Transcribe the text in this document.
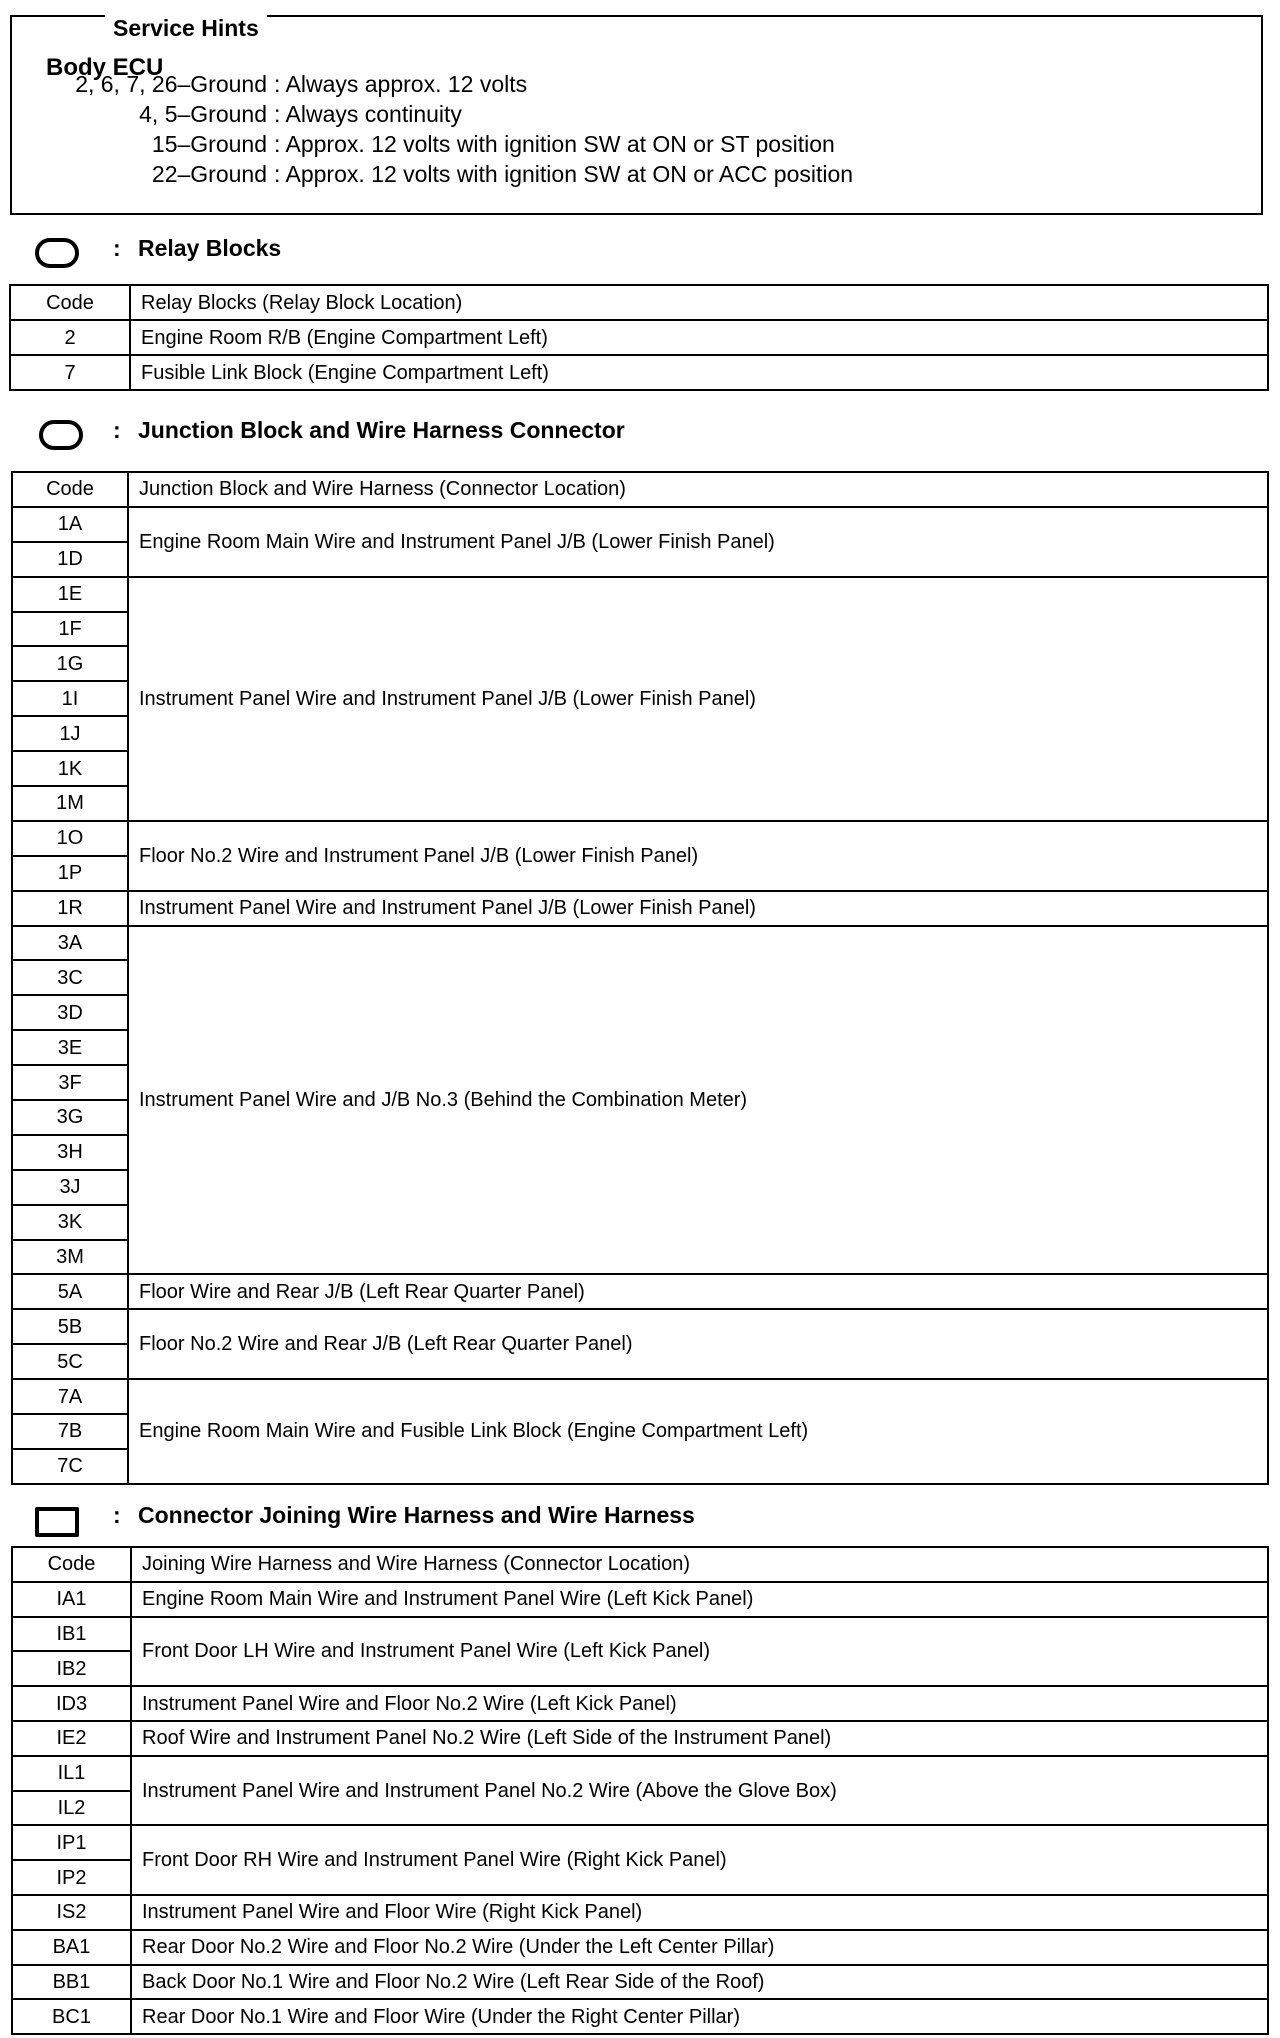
Service Hints
Body ECU
2, 6, 7, 26–Ground : Always approx. 12 volts
4, 5–Ground : Always continuity
15–Ground : Approx. 12 volts with ignition SW at ON or ST position
22–Ground : Approx. 12 volts with ignition SW at ON or ACC position
: Relay Blocks
Code	Relay Blocks (Relay Block Location)
2	Engine Room R/B (Engine Compartment Left)
7	Fusible Link Block (Engine Compartment Left)
: Junction Block and Wire Harness Connector
Code	Junction Block and Wire Harness (Connector Location)
1A	Engine Room Main Wire and Instrument Panel J/B (Lower Finish Panel)
1D	
1E	Instrument Panel Wire and Instrument Panel J/B (Lower Finish Panel)
1F	
1G	
1I	
1J	
1K	
1M	
1O	Floor No.2 Wire and Instrument Panel J/B (Lower Finish Panel)
1P	
1R	Instrument Panel Wire and Instrument Panel J/B (Lower Finish Panel)
3A	Instrument Panel Wire and J/B No.3 (Behind the Combination Meter)
3C	
3D	
3E	
3F	
3G	
3H	
3J	
3K	
3M	
5A	Floor Wire and Rear J/B (Left Rear Quarter Panel)
5B	Floor No.2 Wire and Rear J/B (Left Rear Quarter Panel)
5C	
7A	Engine Room Main Wire and Fusible Link Block (Engine Compartment Left)
7B	
7C	
: Connector Joining Wire Harness and Wire Harness
Code	Joining Wire Harness and Wire Harness (Connector Location)
IA1	Engine Room Main Wire and Instrument Panel Wire (Left Kick Panel)
IB1	Front Door LH Wire and Instrument Panel Wire (Left Kick Panel)
IB2	
ID3	Instrument Panel Wire and Floor No.2 Wire (Left Kick Panel)
IE2	Roof Wire and Instrument Panel No.2 Wire (Left Side of the Instrument Panel)
IL1	Instrument Panel Wire and Instrument Panel No.2 Wire (Above the Glove Box)
IL2	
IP1	Front Door RH Wire and Instrument Panel Wire (Right Kick Panel)
IP2	
IS2	Instrument Panel Wire and Floor Wire (Right Kick Panel)
BA1	Rear Door No.2 Wire and Floor No.2 Wire (Under the Left Center Pillar)
BB1	Back Door No.1 Wire and Floor No.2 Wire (Left Rear Side of the Roof)
BC1	Rear Door No.1 Wire and Floor Wire (Under the Right Center Pillar)
